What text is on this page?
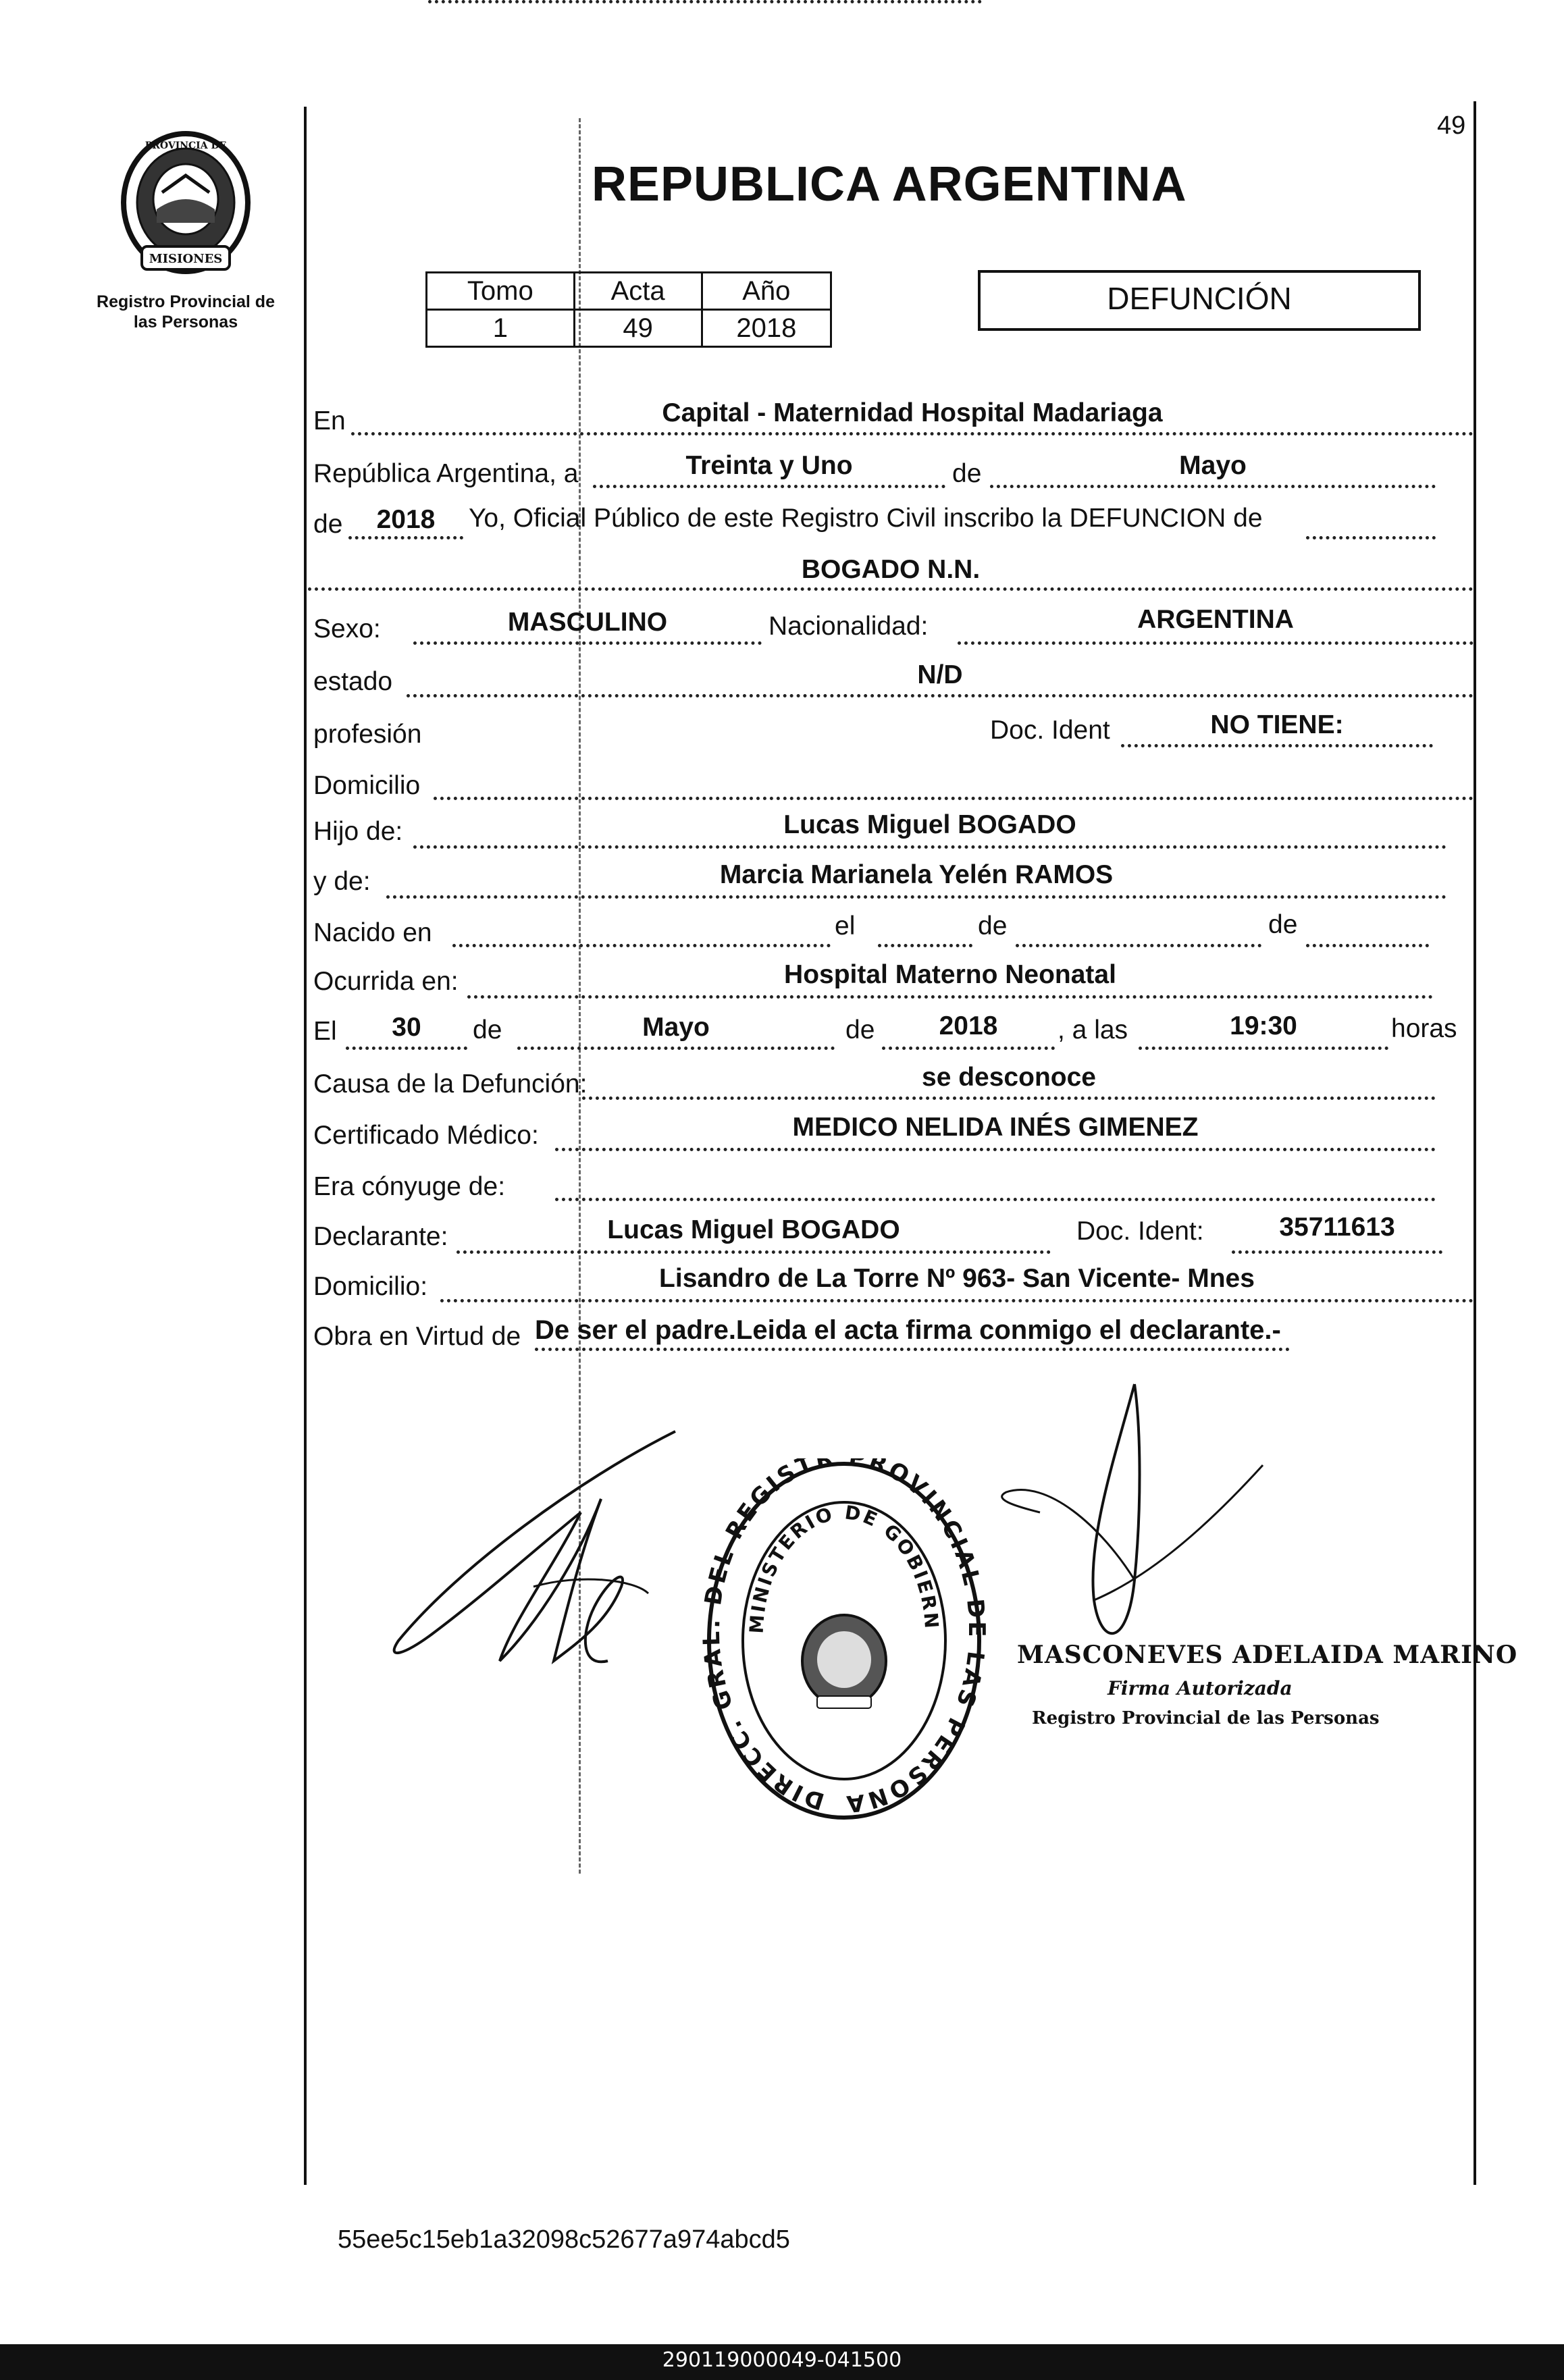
49
MISIONES
PROVINCIA DE
Registro Provincial de
las Personas
REPUBLICA ARGENTINA
Tomo	Acta	Año
1	49	2018
DEFUNCIÓN
En	Capital - Maternidad Hospital Madariaga
República Argentina, a	Treinta y Uno	de	Mayo
de	2018	Yo, Oficial Público de este Registro Civil inscribo la DEFUNCION de
BOGADO N.N.
Sexo:	MASCULINO	Nacionalidad:	ARGENTINA
estado	N/D
profesión	Doc. Ident	NO TIENE:
Domicilio
Hijo de:	Lucas Miguel BOGADO
y de:	Marcia Marianela Yelén RAMOS
Nacido en	el	de	de
Ocurrida en:	Hospital Materno Neonatal
El	30	de	Mayo	de	2018	, a las	19:30	horas
Causa de la Defunción:	se desconoce
Certificado Médico:	MEDICO NELIDA INÉS GIMENEZ
Era cónyuge de:
Declarante:	Lucas Miguel BOGADO	Doc. Ident:	35711613
Domicilio:	Lisandro de La Torre Nº 963- San Vicente- Mnes
Obra en Virtud de De ser el padre.Leida el acta firma conmigo el declarante.-
DIRECC. GR DEL REGISTR PROVINCIAL AS PERSONA
MINISTERIO DE GOBIERN
MASCONEVES ADELAIDA MARINO
Firma Autorizada
Registro Provincial de las Personas
55ee5c15eb1a32098c52677a974abcd5
290119000049-041500
